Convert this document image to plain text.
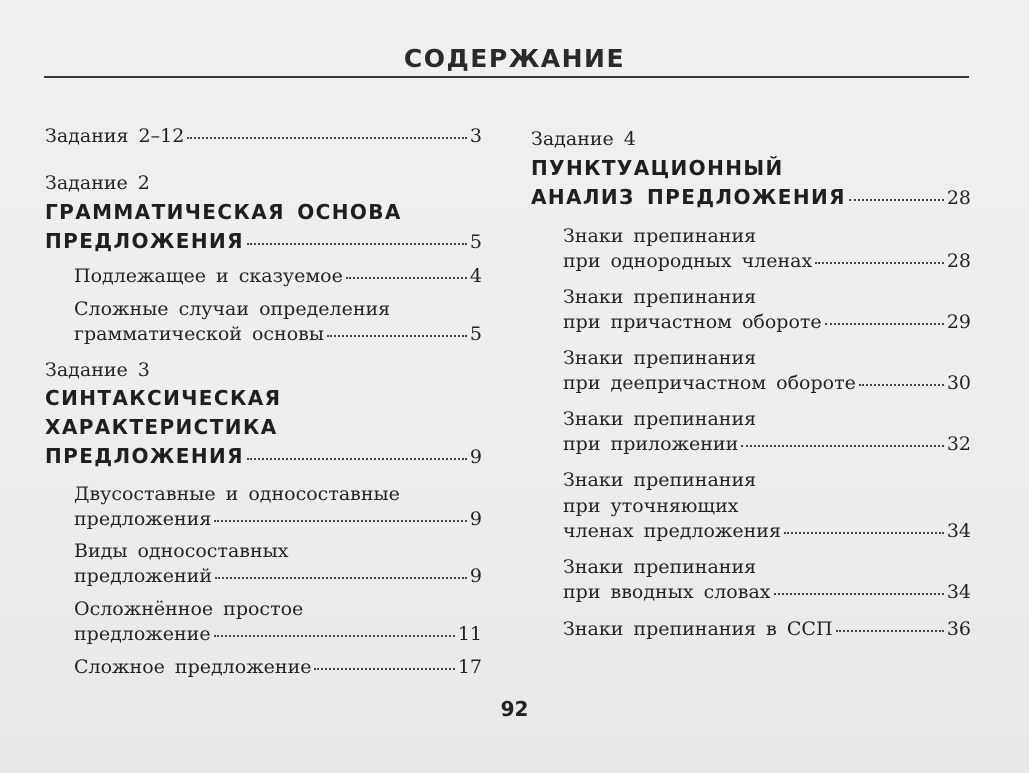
СОДЕРЖАНИЕ
Задания 2–12	3
Задание 2
ГРАММАТИЧЕСКАЯ ОСНОВА
ПРЕДЛОЖЕНИЯ	5
Подлежащее и сказуемое	4
Сложные случаи определения
грамматической основы	5
Задание 3
СИНТАКСИЧЕСКАЯ
ХАРАКТЕРИСТИКА
ПРЕДЛОЖЕНИЯ	9
Двусоставные и односоставные
предложения	9
Виды односоставных
предложений	9
Осложнённое простое
предложение	11
Сложное предложение	17
Задание 4
ПУНКТУАЦИОННЫЙ
АНАЛИЗ ПРЕДЛОЖЕНИЯ	28
Знаки препинания
при однородных членах	28
Знаки препинания
при причастном обороте	29
Знаки препинания
при деепричастном обороте	30
Знаки препинания
при приложении	32
Знаки препинания
при уточняющих
членах предложения	34
Знаки препинания
при вводных словах	34
Знаки препинания в ССП	36
92
